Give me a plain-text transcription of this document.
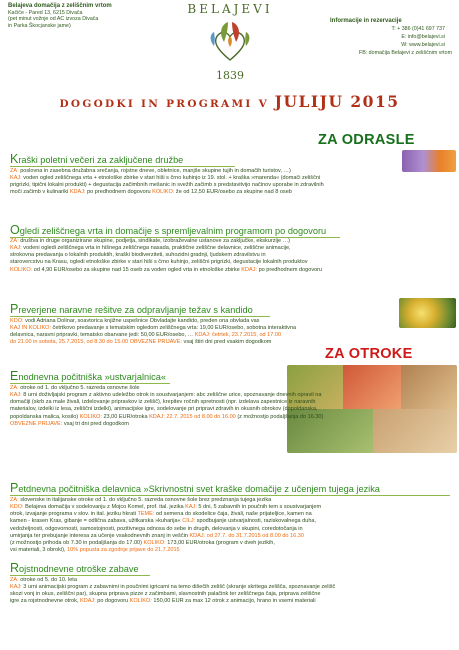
Belajeva domačija z zeliščnim vrtom
Kačiče - Pared 13, 6215 Divača
(pet minut vožnje od AC izvoza Divača
in Parka Škocjanske jame)
BELAJEVI
1839
Informacije in rezervacije
T: + 386 (0)41 697 737
E: info@belajevi.si
W: www.belajevi.si
FB: domačija Belajevi z zeliščnim vrtom
DOGODKI IN PROGRAMI V JULIJU 2015
ZA ODRASLE
Kraški poletni večeri za zaključene družbe
ZA: poslovna in zasebna družabna srečanja, rojstne dneve, obletnice, manjše skupine tujih in domačih turistov, …)
KAJ: voden ogled zeliščnega vrta + etnološke zbirke v stari hiši s črno kuhinjo iz 19. stol. + kraška »marenda« (domači zeliščni
prigrizki, tipični lokalni produkti) + degustacija začimbnih mešanic in svežih začimb s predstavitvijo načinov uporabe in zdravilnih
moči začimb v kulinariki KDAJ: po predhodnem dogovoru KOLIKO: že od 12,50 EUR/osebo za skupine nad 8 oseb
Ogledi zeliščnega vrta in domačije s spremljevalnim programom po dogovoru
ZA: društva in druge organizirane skupine, podjetja, sindikate, izobraževalne ustanove za zaključke, ekskurzije …)
KAJ: vodeni ogledi zeliščnega vrta in hišnega zeliščnega nasada, praktične zeliščne delavnice, zeliščne animacije,
strokovna predavanja o lokalnih produktih, kraški biodiverziteti, suhozidni gradnji, ljudskem zdravilstvu in
starovercstvu na Krasu, ogledi etnološke zbirke v stari hiši s črno kuhinjo, zeliščni prigrizki, degustacije lokalnih produktov
KOLIKO: od 4,90 EUR/osebo za skupine nad 15 oseb za voden ogled vrta in etnološke zbirke KDAJ: po predhodnem dogovoru
Preverjene naravne rešitve za odpravljanje težav s kandido
KDO: vodi Adriana Dolinar, soavtorica knjižne uspešnice Obvladajte kandido, preden ona obvlada vas
KAJ IN KOLIKO: četrtkovo predavanje s tematskim ogledom zeliščnega vrta: 19,00 EUR/osebo, sobotna interaktivna
delavnica, naravni pripravki, tematsko obarvane jedi: 50,00 EUR/osebo, … KDAJ: četrtek, 23.7.2015, od 17.00
do 21.00 in sobota, 25.7.2015, od 8.30 do 15.00 OBVEZNE PRIJAVE: vsaj štiri dni pred vsakim dogodkom
ZA OTROKE
Enodnevna počitniška »ustvarjalnica«
ZA: otroke od 1. do vključno 5. razreda osnovne šole
KAJ: 8 urni doživljajski program z aktivno udeležbo otrok in soustvarjanjem: abc zeliščne urice, spoznavanje dnevnih opravil na
domačiji (skrb za male živali, izdelovanje pripravkov iz zelišč), krepitev ročnih spretnosti (npr. izdelava zapestnice iz naravnih
materialov, izdelki iz lesa, zeliščni izdelki), animacijske igre, sodelovanje pri pripravi zdravih in okusnih obrokov (dopoldanska,
popoldanska malica, kosilo) KOLIKO: 23,00 EUR/otroka KDAJ: 22.7. 2015 od 8.00 do 16.00 (z možnostjo podaljšanja do 16.30)
OBVEZNE PRIJAVE: vsaj tri dni pred dogodkom
Petdnevna počitniška delavnica »Skrivnostni svet kraške domačije z učenjem tujega jezika
ZA: slovenske in italijanske otroke od 1. do vključno 5. razreda osnovne šole brez predznanja tujega jezika
KDO: Belajeva domačija v sodelovanju z Mojco Komel, prof. ital. jezika KAJ: 5 dni, 5 zabavnih in poučnih tem s soustvarjanjem
otrok, izvajanje programa v slov. in ital. jeziku hkrati TEME: od semena do skodelice čaja, živali, naše prijateljice, kamen na
kamen - krasen Kras, gibanje = odlična zabava, užitkarska »kuharija« CILJ: spodbujanje ustvarjalnosti, raziskovalnega duha,
vedoželjnosti, odgovornosti, samostojnosti, pozitivnega odnosa do sebe in drugih, delovanja v skupini, coredotočanja in
umirjanja ter prebujanje interesa za učenje vsakodnevnih znanj in veščin KDAJ: od 27.7. do 31.7.2015 od 8.00 do 16.30
(z možnostjo prihoda ob 7.30 in podaljšanja do 17.00) KOLIKO: 173,00 EUR/otroka (program v dveh jezikih,
vsi materiali, 3 obroki), 10% popusta za zgodnje prijave do 21.7.2015
Rojstnodnevne otroške zabave
ZA: otroke od 5. do 10. leta
KAJ: 3 urni animacijski program z zabavnimi in poučnimi igricami na temo dišečih zelišč (skranje skritega zelišča, spoznavanje zelišč
skozi vonj in okus, zeliščni par), skupna priprava pizze z začimbami, slavnostnih palačink ter zeliščnega čaja, priprava zeliščne
igre za rojstnodnevne otrok, KDAJ: po dogovoru KOLIKO: 150,00 EUR za max 12 otrok z animacijo, hrano in vsemi materiali
